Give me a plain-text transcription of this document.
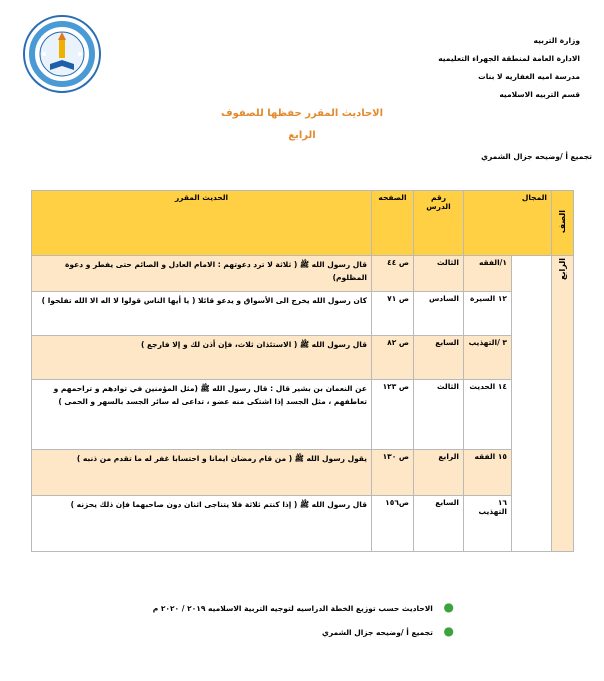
وزارة التربيه
الادارة العامة لمنطقة الجهراء التعليميه
مدرسة اميه الغفاريه لا بنات
قسم التربيه الاسلاميه
الاحاديث المقرر حفظها للصفوف
الرابع
تجميع أ /وضيحه جزال الشمري
الصف	المجال		رقم الدرس	الصفحه	الحديث المقرر
الرابع		١/الفقه	الثالث	ص ٤٤	قال رسول الله ﷺ ( ثلاثة لا ترد دعوتهم : الامام العادل و الصائم حتى يفطر و دعوة المظلوم)
		١٢ السيرة	السادس	ص ٧١	كان رسول الله يخرج الى الأسواق و يدعو قائلا ( يا أيها الناس قولوا لا اله الا الله تفلحوا )
		٣ /التهذيب	السابع	ص ٨٢	قال رسول الله ﷺ ( الاستئذان ثلاث، فإن أذن لك و إلا فارجع )
		١٤ الحديث	الثالث	ص ١٢٣	عن النعمان بن بشير قال : قال رسول الله ﷺ (مثل المؤمنين في توادهم و تراحمهم و تعاطفهم ، مثل الجسد إذا اشتكى منه عضو ، تداعى له سائر الجسد بالسهر و الحمى )
		١٥ الفقه	الرابع	ص ١٣٠	يقول رسول الله ﷺ ( من قام رمضان ايمانا و احتسابا غفر له ما تقدم من ذنبه )
		١٦ التهذيب	السابع	ص١٥٦	قال رسول الله ﷺ ( إذا كنتم ثلاثة فلا يتناجى اثنان دون صاحبهما فإن ذلك يحزنه )
● الاحاديث حسب توزيع الخطة الدراسيه لتوجيه التربية الاسلاميه ٢٠١٩ / ٢٠٢٠ م
● تجميع أ /وضيحه جزال الشمري
